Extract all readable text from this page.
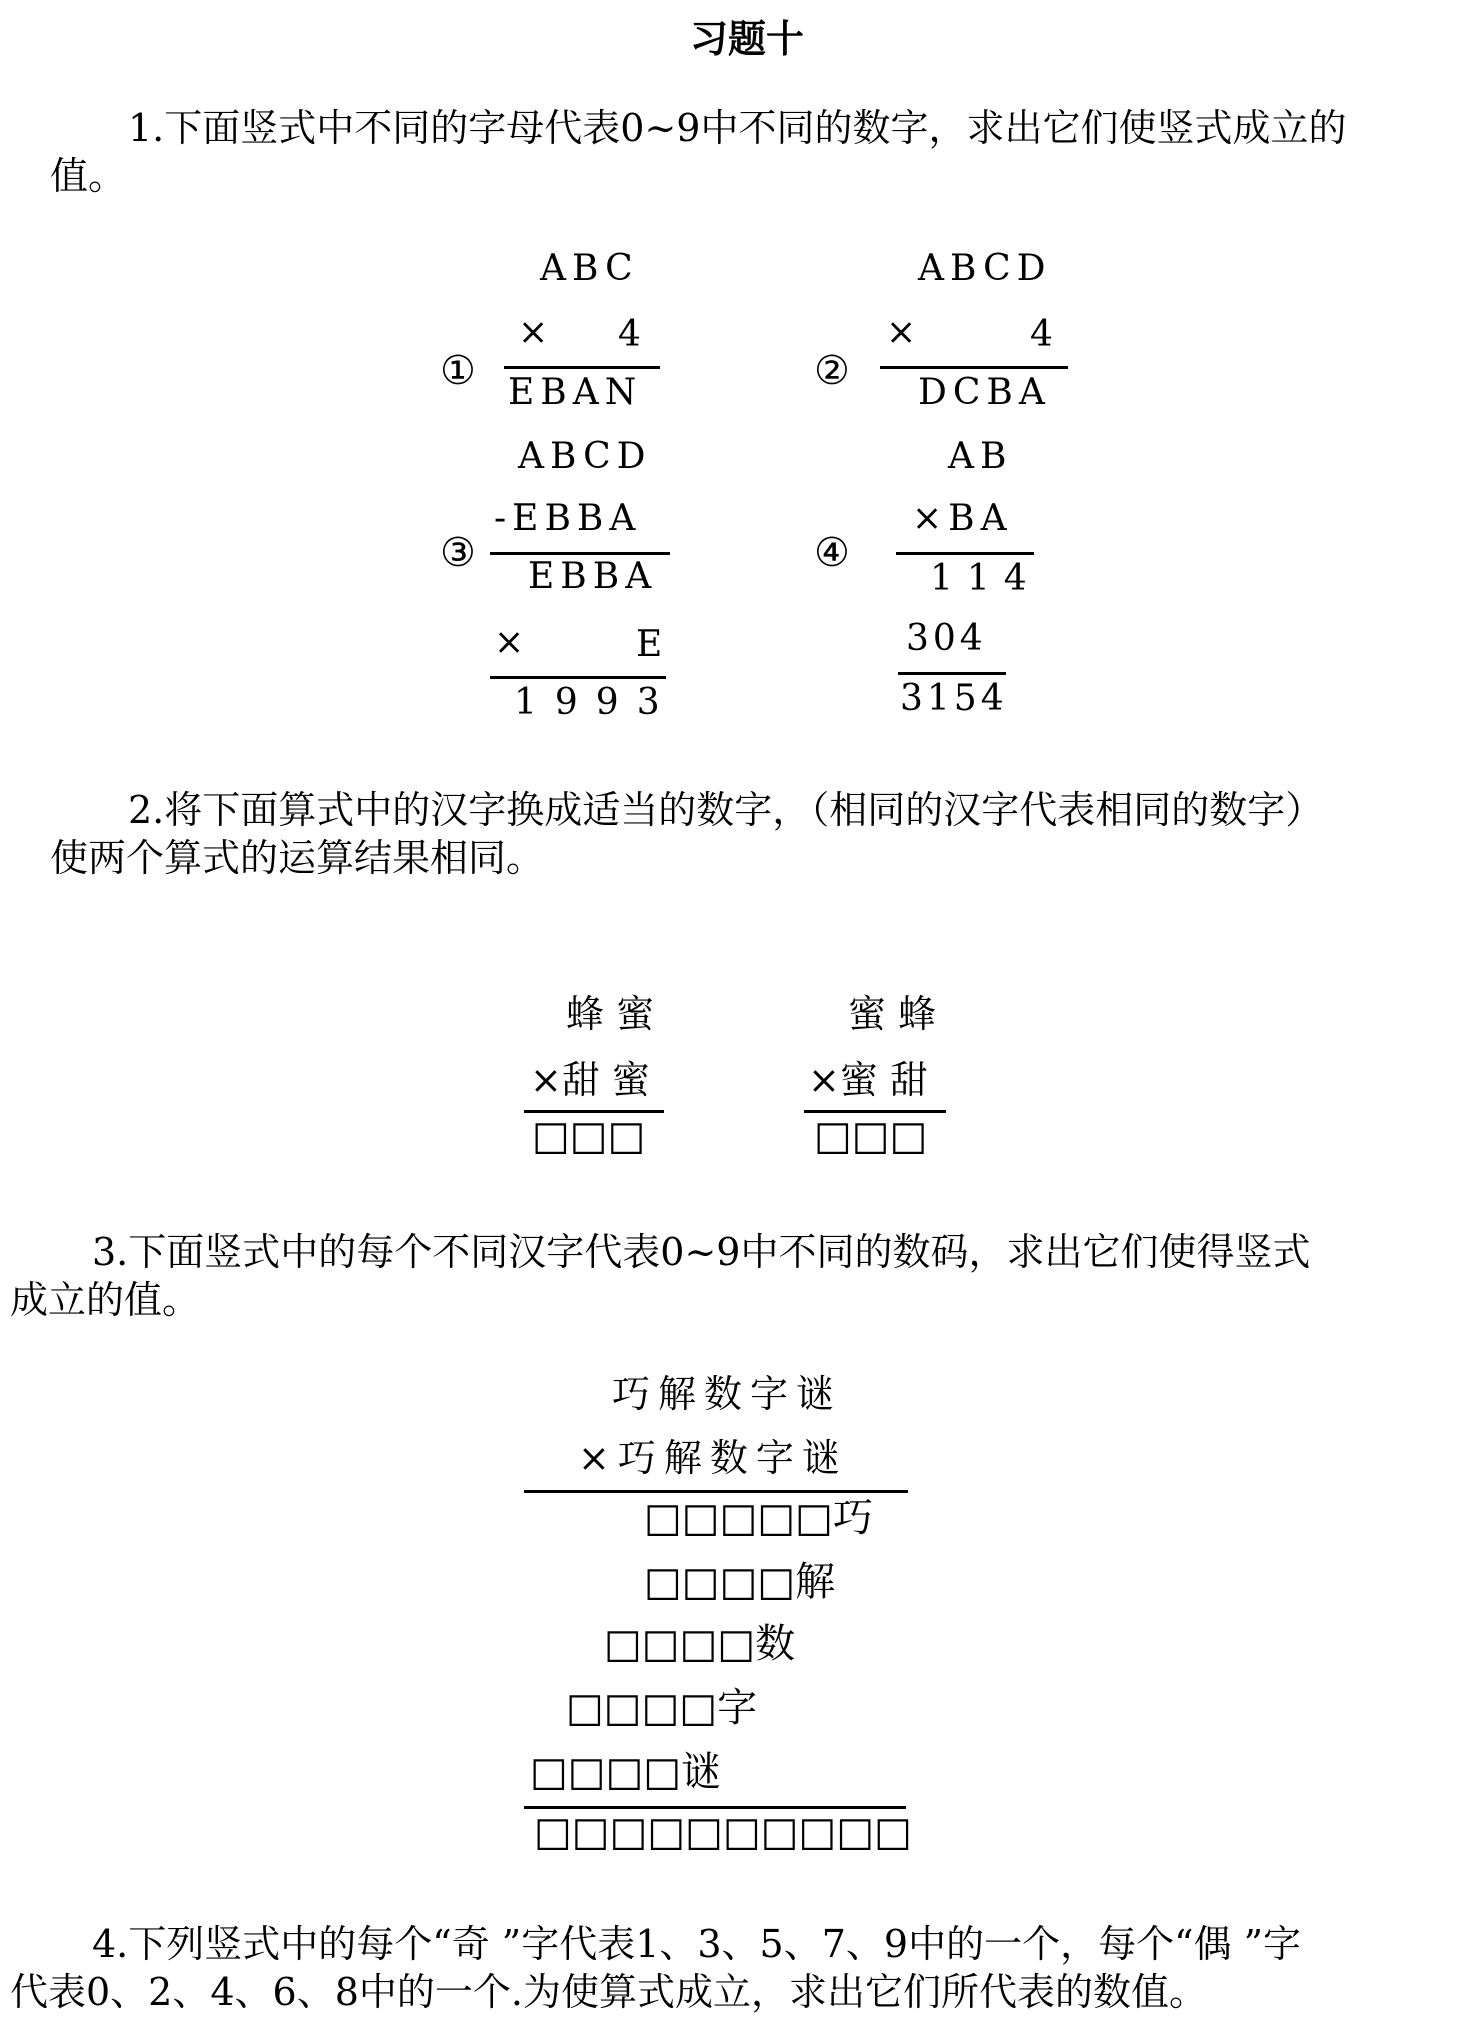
习题十
1.下面竖式中不同的字母代表0~9中不同的数字，求出它们使竖式成立的
值。
①
ABC
× 4
EBAN	②
ABCD
×	4
DCBA
③
ABCD
-EBBA
EBBA
×	E
1993
④
AB
×BA
114
304
3154
2.将下面算式中的汉字换成适当的数字，（相同的汉字代表相同的数字）
使两个算式的运算结果相同。
蜂 蜜
×甜 蜜
□□□
蜜 蜂
×蜜 甜
□□□
3.下面竖式中的每个不同汉字代表0~9中不同的数码，求出它们使得竖式
成立的值。
巧解数字谜
×巧解数字谜
□□□□□巧
□□□□解
□□□□数
□□□□字
□□□□谜
□□□□□□□□□□
4.下列竖式中的每个“奇 ”字代表1、3、5、7、9中的一个，每个“偶 ”字
代表0、2、4、6、8中的一个.为使算式成立，求出它们所代表的数值。
